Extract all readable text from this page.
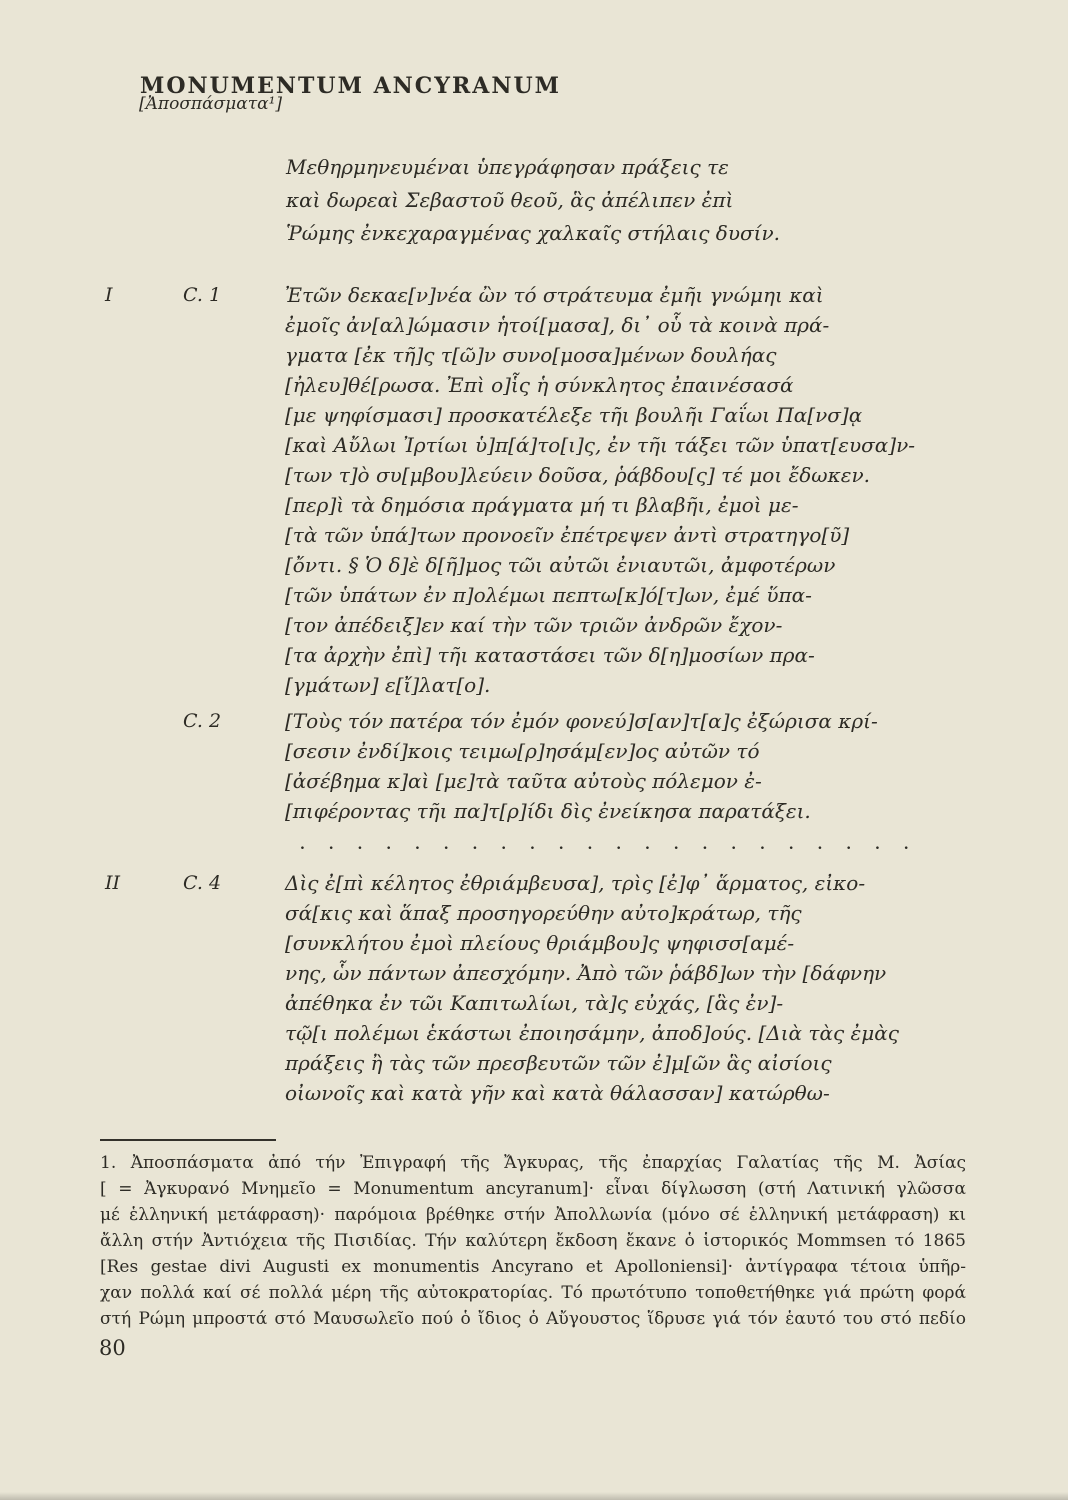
MONUMENTUM ANCYRANUM
[Ἀποσπάσματα¹]
Μεθηρμηνευμέναι ὑπεγράφησαν πράξεις τε
καὶ δωρεαὶ Σεβαστοῦ θεοῦ, ἃς ἀπέλιπεν ἐπὶ
Ῥώμης ἐνκεχαραγμένας χαλκαῖς στήλαις δυσίν.
I	C. 1	Ἐτῶν δεκαε[ν]νέα ὢν τό στράτευμα ἐμῆι γνώμηι καὶ
ἐμοῖς ἀν[αλ]ώμασιν ἡτοί[μασα], δι᾽ οὗ τὰ κοινὰ πρά-
γματα [ἐκ τῆ]ς τ[ῶ]ν συνο[μοσα]μένων δουλήας
[ἠλευ]θέ[ρωσα. Ἐπὶ ο]ἷς ἡ σύνκλητος ἐπαινέσασά
[με ψηφίσμασι] προσκατέλεξε τῆι βουλῆι Γαΐωι Πα[νσ]ᾳ
[καὶ Αὔλωι Ἰρτίωι ὑ]π[ά]το[ι]ς, ἐν τῆι τάξει τῶν ὑπατ[ευσα]ν-
[των τ]ὸ συ[μβου]λεύειν δοῦσα, ῥάβδου[ς] τέ μοι ἔδωκεν.
[περ]ὶ τὰ δημόσια πράγματα μή τι βλαβῆι, ἐμοὶ με-
[τὰ τῶν ὑπά]των προνοεῖν ἐπέτρεψεν ἀντὶ στρατηγο[ῦ]
[ὄντι. § Ὁ δ]ὲ δ[ῆ]μος τῶι αὐτῶι ἐνιαυτῶι, ἀμφοτέρων
[τῶν ὑπάτων ἐν π]ολέμωι πεπτω[κ]ό[τ]ων, ἐμέ ὕπα-
[τον ἀπέδειξ]εν καί τὴν τῶν τριῶν ἀνδρῶν ἔχον-
[τα ἀρχὴν ἐπὶ] τῆι καταστάσει τῶν δ[η]μοσίων πρα-
[γμάτων] ε[ἴ]λατ[ο].
C. 2	[Τοὺς τόν πατέρα τόν ἐμόν φονεύ]σ[αν]τ[α]ς ἐξώρισα κρί-
[σεσιν ἐνδί]κοις τειμω[ρ]ησάμ[εν]ος αὐτῶν τό
[ἀσέβημα κ]αὶ [με]τὰ ταῦτα αὐτοὺς πόλεμον ἐ-
[πιφέροντας τῆι πα]τ[ρ]ίδι δὶς ἐνείκησα παρατάξει.
. . . . . . . . . . . . . . . . . . . . . .
II	C. 4	Δὶς ἐ[πὶ κέλητος ἐθριάμβευσα], τρὶς [ἐ]φ᾽ ἅρματος, εἰκο-
σά[κις καὶ ἅπαξ προσηγορεύθην αὐτο]κράτωρ, τῆς
[συνκλήτου ἐμοὶ πλείους θριάμβου]ς ψηφισσ[αμέ-
νης, ὧν πάντων ἀπεσχόμην. Ἀπὸ τῶν ῥάβδ]ων τὴν [δάφνην
ἀπέθηκα ἐν τῶι Καπιτωλίωι, τὰ]ς εὐχάς, [ἃς ἐν]-
τῷ[ι πολέμωι ἑκάστωι ἐποιησάμην, ἀποδ]ούς. [Διὰ τὰς ἐμὰς
πράξεις ἢ τὰς τῶν πρεσβευτῶν τῶν ἐ]μ[ῶν ἃς αἰσίοις
οἰωνοῖς καὶ κατὰ γῆν καὶ κατὰ θάλασσαν] κατώρθω-
1. Ἀποσπάσματα ἀπό τήν Ἐπιγραφή τῆς Ἄγκυρας, τῆς ἐπαρχίας Γαλατίας τῆς Μ. Ἀσίας
[ = Ἀγκυρανό Μνημεῖο = Monumentum ancyranum]· εἶναι δίγλωσση (στή Λατινική γλῶσσα
μέ ἑλληνική μετάφραση)· παρόμοια βρέθηκε στήν Ἀπολλωνία (μόνο σέ ἑλληνική μετάφραση) κι
ἄλλη στήν Ἀντιόχεια τῆς Πισιδίας. Τήν καλύτερη ἔκδοση ἔκανε ὁ ἱστορικός Mommsen τό 1865
[Res gestae divi Augusti ex monumentis Ancyrano et Apolloniensi]· ἀντίγραφα τέτοια ὑπῆρ-
χαν πολλά καί σέ πολλά μέρη τῆς αὐτοκρατορίας. Τό πρωτότυπο τοποθετήθηκε γιά πρώτη φορά
στή Ρώμη μπροστά στό Μαυσωλεῖο πού ὁ ἴδιος ὁ Αὔγουστος ἵδρυσε γιά τόν ἑαυτό του στό πεδίο
80
